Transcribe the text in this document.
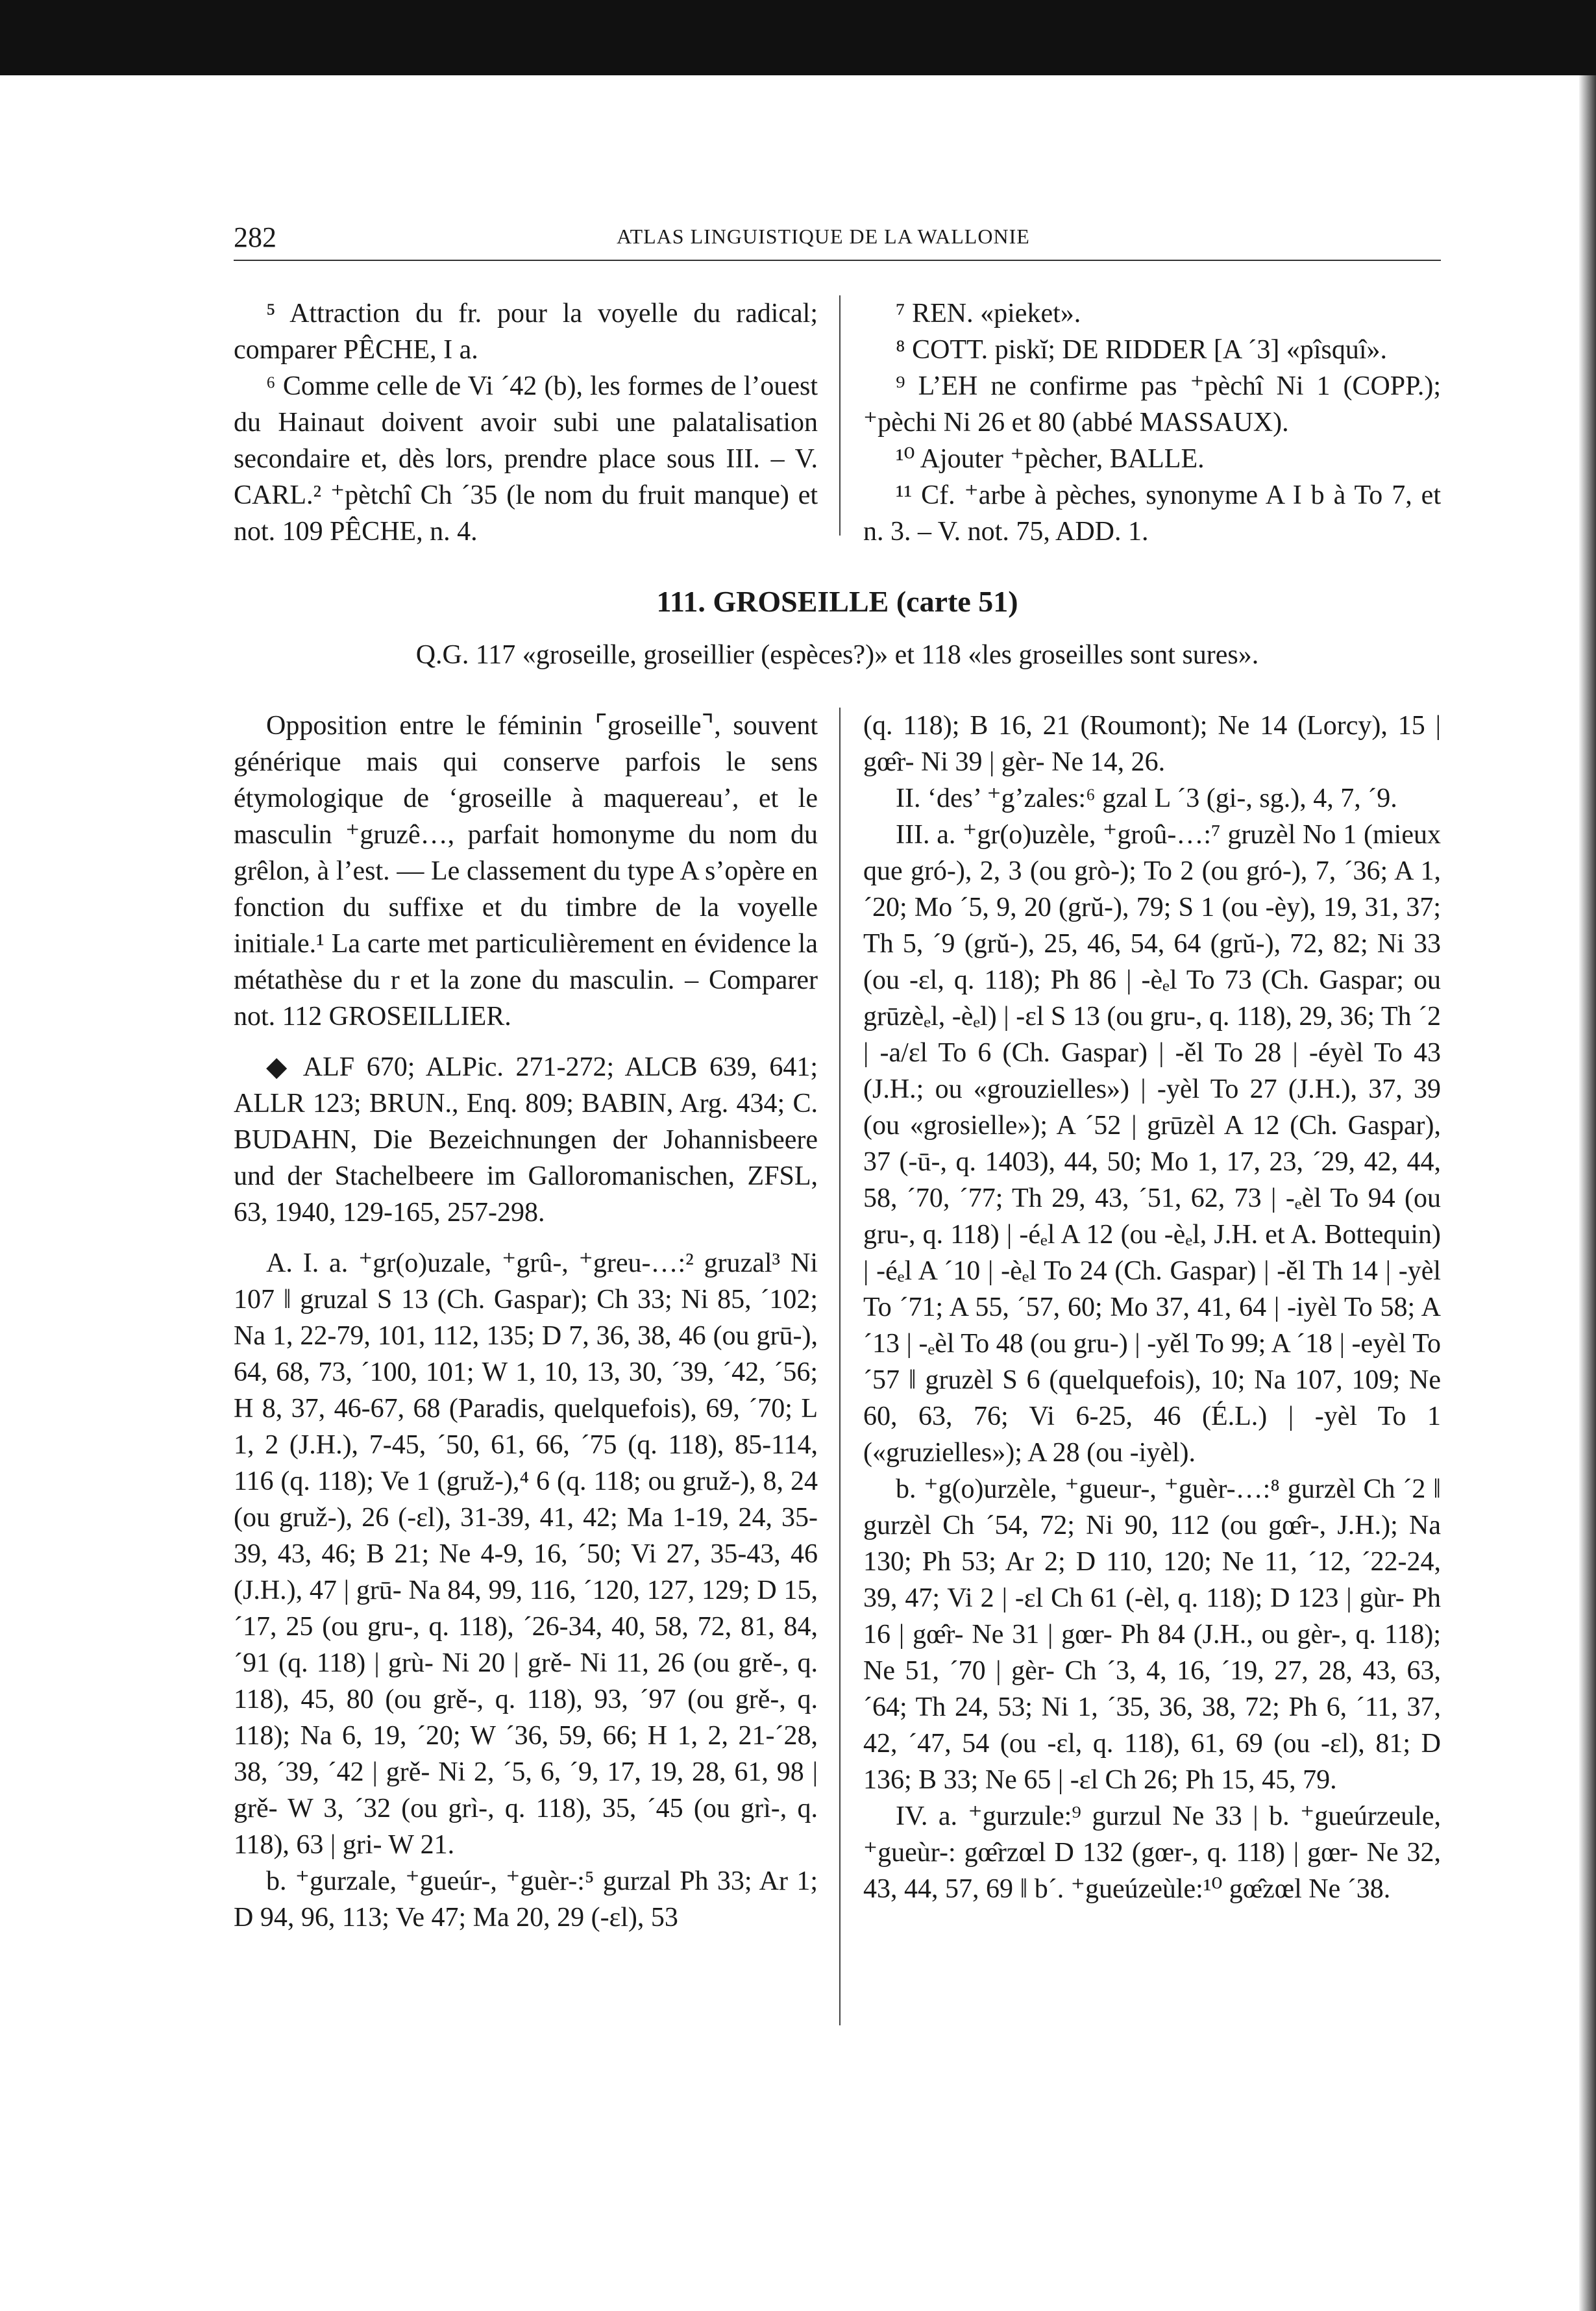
282	ATLAS LINGUISTIQUE DE LA WALLONIE

⁵ Attraction du fr. pour la voyelle du radical; comparer PÊCHE, I a.

⁶ Comme celle de Vi ´42 (b), les formes de l’ouest du Hainaut doivent avoir subi une palatalisation secondaire et, dès lors, prendre place sous III. – V. CARL.² ⁺pètchî Ch ´35 (le nom du fruit manque) et not. 109 PÊCHE, n. 4.

⁷ REN. «pieket».

⁸ COTT. piskĭ; DE RIDDER [A ´3] «pîsquî».

⁹ L’EH ne confirme pas ⁺pèchî Ni 1 (COPP.); ⁺pèchi Ni 26 et 80 (abbé MASSAUX).

¹⁰ Ajouter ⁺pècher, BALLE.

¹¹ Cf. ⁺arbe à pèches, synonyme A I b à To 7, et n. 3. – V. not. 75, ADD. 1.

111. GROSEILLE (carte 51)
Q.G. 117 «groseille, groseillier (espèces?)» et 118 «les groseilles sont sures».

Opposition entre le féminin ⌜groseille⌝, souvent générique mais qui conserve parfois le sens étymologique de ‘groseille à maquereau’, et le masculin ⁺gruzê…, parfait homonyme du nom du grêlon, à l’est. — Le classement du type A s’opère en fonction du suffixe et du timbre de la voyelle initiale.¹ La carte met particulièrement en évidence la métathèse du r et la zone du masculin. – Comparer not. 112 GROSEILLIER.

◆ ALF 670; ALPic. 271-272; ALCB 639, 641; ALLR 123; BRUN., Enq. 809; BABIN, Arg. 434; C. BUDAHN, Die Bezeichnungen der Johannisbeere und der Stachelbeere im Galloromanischen, ZFSL, 63, 1940, 129-165, 257-298.

A. I. a. ⁺gr(o)uzale, ⁺grû-, ⁺greu-…:² gruzal³ Ni 107 ‖ gruzal S 13 (Ch. Gaspar); Ch 33; Ni 85, ´102; Na 1, 22-79, 101, 112, 135; D 7, 36, 38, 46 (ou grū-), 64, 68, 73, ´100, 101; W 1, 10, 13, 30, ´39, ´42, ´56; H 8, 37, 46-67, 68 (Paradis, quelquefois), 69, ´70; L 1, 2 (J.H.), 7-45, ´50, 61, 66, ´75 (q. 118), 85-114, 116 (q. 118); Ve 1 (gruž-),⁴ 6 (q. 118; ou gruž-), 8, 24 (ou gruž-), 26 (-ɛl), 31-39, 41, 42; Ma 1-19, 24, 35-39, 43, 46; B 21; Ne 4-9, 16, ´50; Vi 27, 35-43, 46 (J.H.), 47 | grū- Na 84, 99, 116, ´120, 127, 129; D 15, ´17, 25 (ou gru-, q. 118), ´26-34, 40, 58, 72, 81, 84, ´91 (q. 118) | grù- Ni 20 | grě- Ni 11, 26 (ou grě-, q. 118), 45, 80 (ou grě-, q. 118), 93, ´97 (ou grě-, q. 118); Na 6, 19, ´20; W ´36, 59, 66; H 1, 2, 21-´28, 38, ´39, ´42 | grě- Ni 2, ´5, 6, ´9, 17, 19, 28, 61, 98 | grě- W 3, ´32 (ou grì-, q. 118), 35, ´45 (ou grì-, q. 118), 63 | gri- W 21.

b. ⁺gurzale, ⁺gueúr-, ⁺guèr-:⁵ gurzal Ph 33; Ar 1; D 94, 96, 113; Ve 47; Ma 20, 29 (-ɛl), 53

(q. 118); B 16, 21 (Roumont); Ne 14 (Lorcy), 15 | gœ̂r- Ni 39 | gèr- Ne 14, 26.

II. ‘des’ ⁺g’zales:⁶ gzal L ´3 (gi-, sg.), 4, 7, ´9.

III. a. ⁺gr(o)uzèle, ⁺groû-…:⁷ gruzèl No 1 (mieux que gró-), 2, 3 (ou grò-); To 2 (ou gró-), 7, ´36; A 1, ´20; Mo ´5, 9, 20 (grŭ-), 79; S 1 (ou -èy), 19, 31, 37; Th 5, ´9 (grŭ-), 25, 46, 54, 64 (grŭ-), 72, 82; Ni 33 (ou -ɛl, q. 118); Ph 86 | -èₑl To 73 (Ch. Gaspar; ou grūzèₑl, -èₑl) | -ɛl S 13 (ou gru-, q. 118), 29, 36; Th ´2 | -a/ɛl To 6 (Ch. Gaspar) | -ěl To 28 | -éyèl To 43 (J.H.; ou «grouzielles») | -yèl To 27 (J.H.), 37, 39 (ou «grosielle»); A ´52 | grūzèl A 12 (Ch. Gaspar), 37 (-ū-, q. 1403), 44, 50; Mo 1, 17, 23, ´29, 42, 44, 58, ´70, ´77; Th 29, 43, ´51, 62, 73 | -ₑèl To 94 (ou gru-, q. 118) | -éₑl A 12 (ou -èₑl, J.H. et A. Bottequin) | -éₑl A ´10 | -èₑl To 24 (Ch. Gaspar) | -ěl Th 14 | -yèl To ´71; A 55, ´57, 60; Mo 37, 41, 64 | -iyèl To 58; A ´13 | -ₑèl To 48 (ou gru-) | -yěl To 99; A ´18 | -eyèl To ´57 ‖ gruzèl S 6 (quelquefois), 10; Na 107, 109; Ne 60, 63, 76; Vi 6-25, 46 (É.L.) | -yèl To 1 («gruzielles»); A 28 (ou -iyèl).

b. ⁺g(o)urzèle, ⁺gueur-, ⁺guèr-…:⁸ gurzèl Ch ´2 ‖ gurzèl Ch ´54, 72; Ni 90, 112 (ou gœ̂r-, J.H.); Na 130; Ph 53; Ar 2; D 110, 120; Ne 11, ´12, ´22-24, 39, 47; Vi 2 | -ɛl Ch 61 (-èl, q. 118); D 123 | gùr- Ph 16 | gœ̂r- Ne 31 | gœr- Ph 84 (J.H., ou gèr-, q. 118); Ne 51, ´70 | gèr- Ch ´3, 4, 16, ´19, 27, 28, 43, 63, ´64; Th 24, 53; Ni 1, ´35, 36, 38, 72; Ph 6, ´11, 37, 42, ´47, 54 (ou -ɛl, q. 118), 61, 69 (ou -ɛl), 81; D 136; B 33; Ne 65 | -ɛl Ch 26; Ph 15, 45, 79.

IV. a. ⁺gurzule:⁹ gurzul Ne 33 | b. ⁺gueúrzeule, ⁺gueùr-: gœ̂rzœl D 132 (gœr-, q. 118) | gœr- Ne 32, 43, 44, 57, 69 ‖ b´. ⁺gueúzeùle:¹⁰ gœ̂zœl Ne ´38.
